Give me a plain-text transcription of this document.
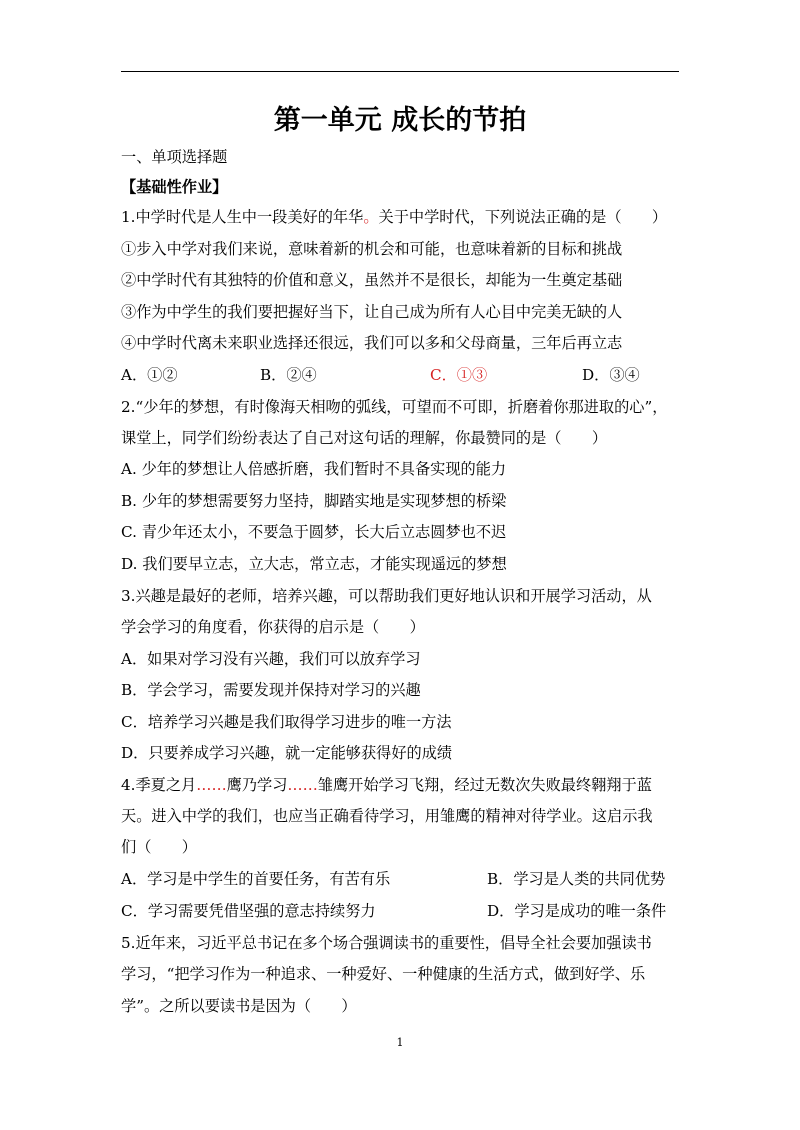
第一单元 成长的节拍
一、单项选择题
【基础性作业】
1.中学时代是人生中一段美好的年华。关于中学时代，下列说法正确的是（　　）
①步入中学对我们来说，意味着新的机会和可能，也意味着新的目标和挑战
②中学时代有其独特的价值和意义，虽然并不是很长，却能为一生奠定基础
③作为中学生的我们要把握好当下，让自己成为所有人心目中完美无缺的人
④中学时代离未来职业选择还很远，我们可以多和父母商量，三年后再立志
A．①②	B．②④	C．①③	D．③④
2.“少年的梦想，有时像海天相吻的弧线，可望而不可即，折磨着你那进取的心”，
课堂上，同学们纷纷表达了自己对这句话的理解，你最赞同的是（　　）
A. 少年的梦想让人倍感折磨，我们暂时不具备实现的能力
B. 少年的梦想需要努力坚持，脚踏实地是实现梦想的桥梁
C. 青少年还太小，不要急于圆梦，长大后立志圆梦也不迟
D. 我们要早立志，立大志，常立志，才能实现遥远的梦想
3.兴趣是最好的老师，培养兴趣，可以帮助我们更好地认识和开展学习活动，从
学会学习的角度看，你获得的启示是（　　）
A．如果对学习没有兴趣，我们可以放弃学习
B．学会学习，需要发现并保持对学习的兴趣
C．培养学习兴趣是我们取得学习进步的唯一方法
D．只要养成学习兴趣，就一定能够获得好的成绩
4.季夏之月……鹰乃学习……雏鹰开始学习飞翔，经过无数次失败最终翱翔于蓝
天。进入中学的我们，也应当正确看待学习，用雏鹰的精神对待学业。这启示我
们（　　）
A．学习是中学生的首要任务，有苦有乐	B．学习是人类的共同优势
C．学习需要凭借坚强的意志持续努力	D．学习是成功的唯一条件
5.近年来，习近平总书记在多个场合强调读书的重要性，倡导全社会要加强读书
学习，“把学习作为一种追求、一种爱好、一种健康的生活方式，做到好学、乐
学”。之所以要读书是因为（　　）
1
